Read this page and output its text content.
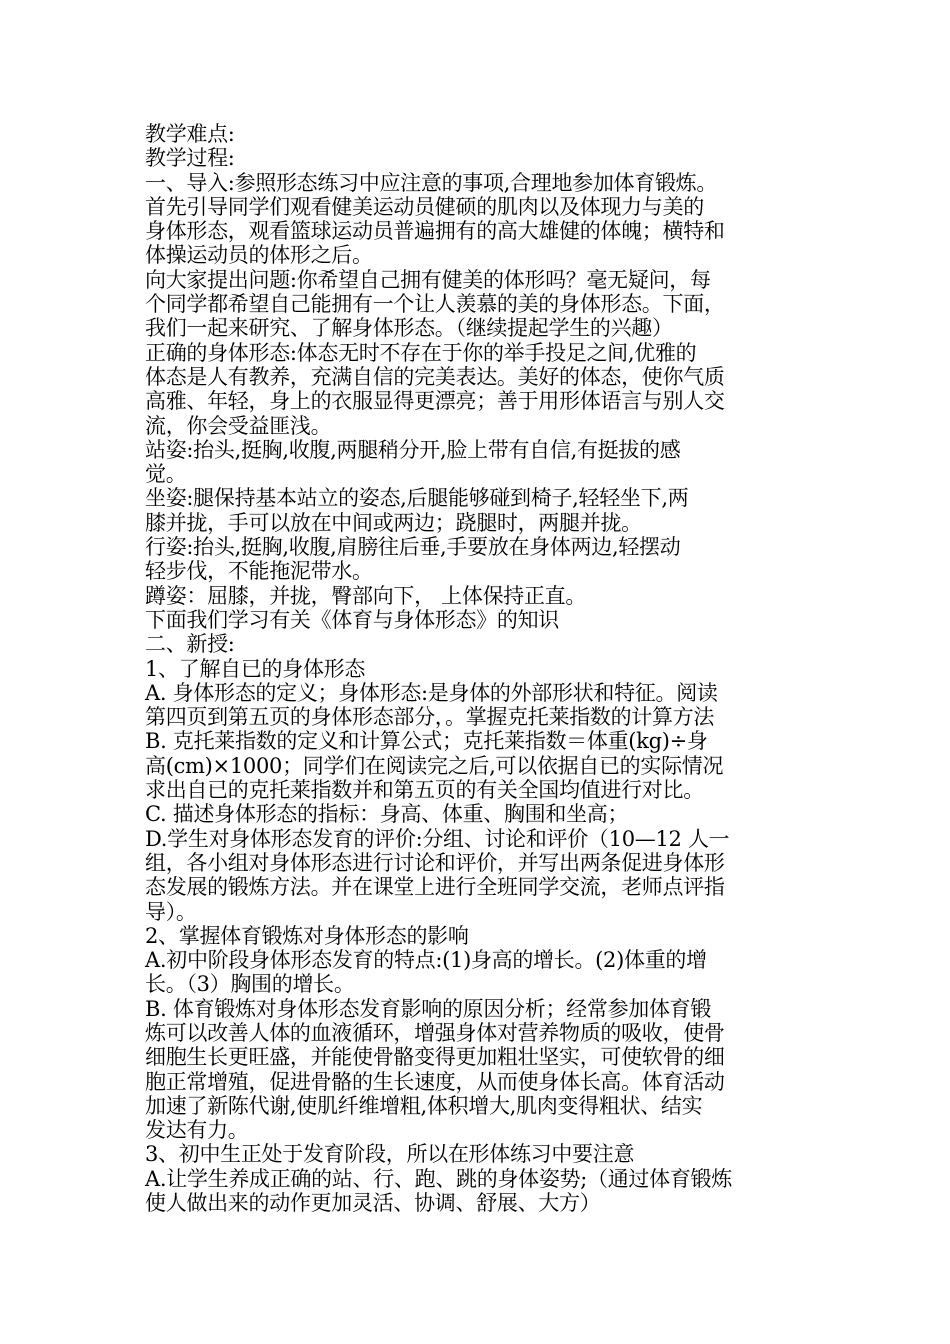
教学难点:
教学过程:
一、导入:参照形态练习中应注意的事项,合理地参加体育锻炼。
首先引导同学们观看健美运动员健硕的肌肉以及体现力与美的
身体形态，观看篮球运动员普遍拥有的高大雄健的体魄；横特和
体操运动员的体形之后。
向大家提出问题:你希望自己拥有健美的体形吗？毫无疑问，每
个同学都希望自己能拥有一个让人羡慕的美的身体形态。下面，
我们一起来研究、了解身体形态。（继续提起学生的兴趣）
正确的身体形态:体态无时不存在于你的举手投足之间,优雅的
体态是人有教养，充满自信的完美表达。美好的体态，使你气质
高雅、年轻，身上的衣服显得更漂亮；善于用形体语言与别人交
流，你会受益匪浅。
站姿:抬头,挺胸,收腹,两腿稍分开,脸上带有自信,有挺拔的感
觉。
坐姿:腿保持基本站立的姿态,后腿能够碰到椅子,轻轻坐下,两
膝并拢，手可以放在中间或两边；跷腿时，两腿并拢。
行姿:抬头,挺胸,收腹,肩膀往后垂,手要放在身体两边,轻摆动
轻步伐，不能拖泥带水。
蹲姿：屈膝，并拢，臀部向下， 上体保持正直。
下面我们学习有关《体育与身体形态》的知识
二、新授:
1、了解自已的身体形态
A. 身体形态的定义；身体形态:是身体的外部形状和特征。阅读
第四页到第五页的身体形态部分，。掌握克托莱指数的计算方法
B. 克托莱指数的定义和计算公式；克托莱指数＝体重(kg)÷身
高(cm)×1000；同学们在阅读完之后,可以依据自已的实际情况
求出自已的克托莱指数并和第五页的有关全国均值进行对比。
C. 描述身体形态的指标：身高、体重、胸围和坐高；
D.学生对身体形态发育的评价:分组、讨论和评价（10—12 人一
组，各小组对身体形态进行讨论和评价，并写出两条促进身体形
态发展的锻炼方法。并在课堂上进行全班同学交流，老师点评指
导）。
2、掌握体育锻炼对身体形态的影响
A.初中阶段身体形态发育的特点:(1)身高的增长。(2)体重的增
长。（3）胸围的增长。
B. 体育锻炼对身体形态发育影响的原因分析；经常参加体育锻
炼可以改善人体的血液循环，增强身体对营养物质的吸收，使骨
细胞生长更旺盛，并能使骨骼变得更加粗壮坚实，可使软骨的细
胞正常增殖，促进骨骼的生长速度，从而使身体长高。体育活动
加速了新陈代谢,使肌纤维增粗,体积增大,肌肉变得粗状、结实
发达有力。
3、初中生正处于发育阶段，所以在形体练习中要注意
A.让学生养成正确的站、行、跑、跳的身体姿势;（通过体育锻炼
使人做出来的动作更加灵活、协调、舒展、大方）
